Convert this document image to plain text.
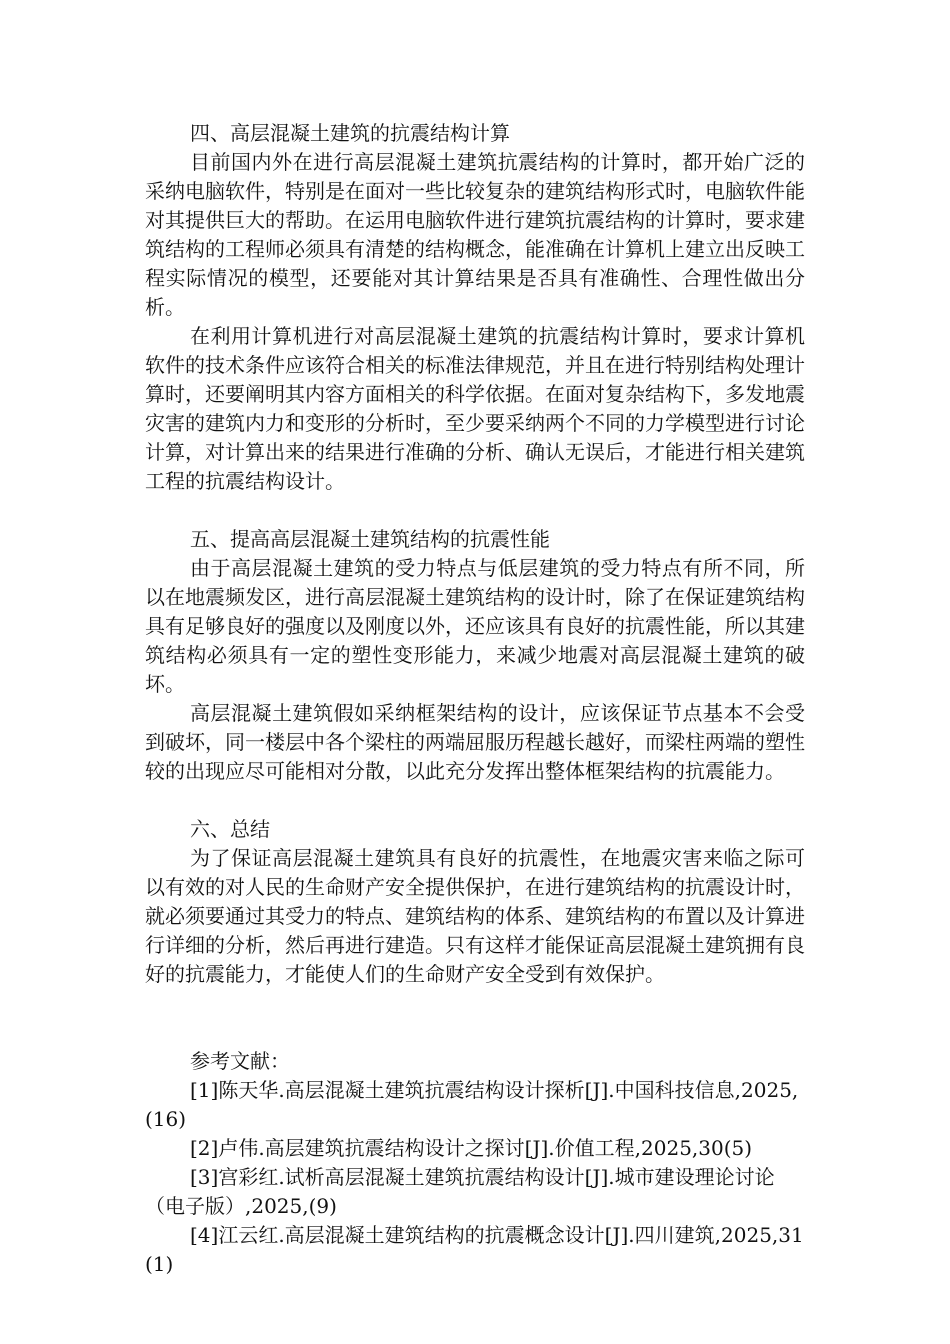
四、高层混凝土建筑的抗震结构计算

目前国内外在进行高层混凝土建筑抗震结构的计算时，都开始广泛的采纳电脑软件，特别是在面对一些比较复杂的建筑结构形式时，电脑软件能对其提供巨大的帮助。在运用电脑软件进行建筑抗震结构的计算时，要求建筑结构的工程师必须具有清楚的结构概念，能准确在计算机上建立出反映工程实际情况的模型，还要能对其计算结果是否具有准确性、合理性做出分析。

在利用计算机进行对高层混凝土建筑的抗震结构计算时，要求计算机软件的技术条件应该符合相关的标准法律规范，并且在进行特别结构处理计算时，还要阐明其内容方面相关的科学依据。在面对复杂结构下，多发地震灾害的建筑内力和变形的分析时，至少要采纳两个不同的力学模型进行讨论计算，对计算出来的结果进行准确的分析、确认无误后，才能进行相关建筑工程的抗震结构设计。

五、提高高层混凝土建筑结构的抗震性能

由于高层混凝土建筑的受力特点与低层建筑的受力特点有所不同，所以在地震频发区，进行高层混凝土建筑结构的设计时，除了在保证建筑结构具有足够良好的强度以及刚度以外，还应该具有良好的抗震性能，所以其建筑结构必须具有一定的塑性变形能力，来减少地震对高层混凝土建筑的破坏。

高层混凝土建筑假如采纳框架结构的设计，应该保证节点基本不会受到破坏，同一楼层中各个梁柱的两端屈服历程越长越好，而梁柱两端的塑性较的出现应尽可能相对分散，以此充分发挥出整体框架结构的抗震能力。

六、总结

为了保证高层混凝土建筑具有良好的抗震性，在地震灾害来临之际可以有效的对人民的生命财产安全提供保护，在进行建筑结构的抗震设计时，就必须要通过其受力的特点、建筑结构的体系、建筑结构的布置以及计算进行详细的分析，然后再进行建造。只有这样才能保证高层混凝土建筑拥有良好的抗震能力，才能使人们的生命财产安全受到有效保护。

参考文献：

[1]陈天华.高层混凝土建筑抗震结构设计探析[J].中国科技信息,2025,(16)

[2]卢伟.高层建筑抗震结构设计之探讨[J].价值工程,2025,30(5)

[3]宫彩红.试析高层混凝土建筑抗震结构设计[J].城市建设理论讨论（电子版）,2025,(9)

[4]江云红.高层混凝土建筑结构的抗震概念设计[J].四川建筑,2025,31(1)
